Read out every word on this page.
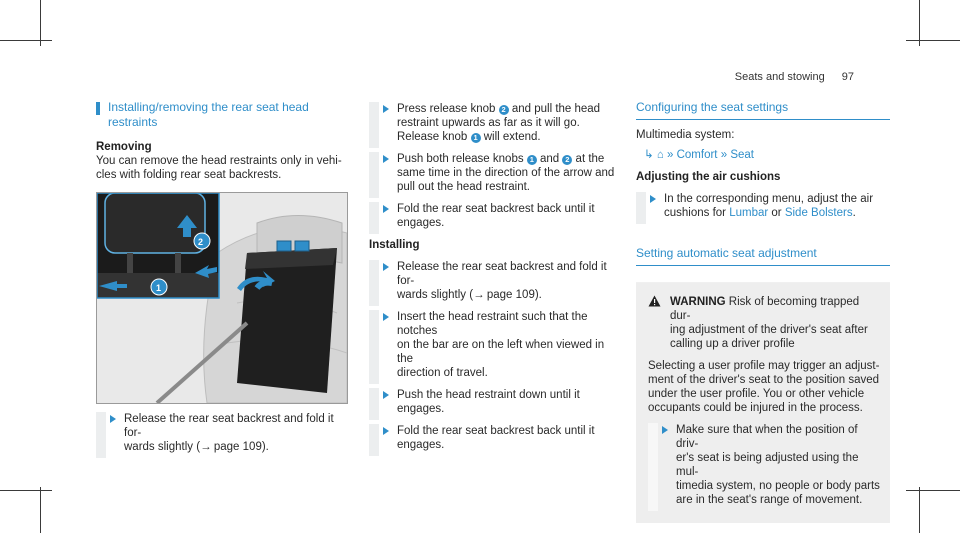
Seats and stowing 97
Installing/removing the rear seat head
restraints

Removing

You can remove the head restraints only in vehi-
cles with folding rear seat backrests.

2
1

Release the rear seat backrest and fold it for-
wards slightly (→ page 109).

Press release knob 2 and pull the head
restraint upwards as far as it will go.
Release knob 1 will extend.

Push both release knobs 1 and 2 at the
same time in the direction of the arrow and
pull out the head restraint.

Fold the rear seat backrest back until it
engages.

Installing

Release the rear seat backrest and fold it for-
wards slightly (→ page 109).

Insert the head restraint such that the notches
on the bar are on the left when viewed in the
direction of travel.

Push the head restraint down until it engages.

Fold the rear seat backrest back until it
engages.

Configuring the seat settings

Multimedia system:

↳ ⌂ » Comfort » Seat

Adjusting the air cushions

In the corresponding menu, adjust the air
cushions for Lumbar or Side Bolsters.

Setting automatic seat adjustment

WARNING Risk of becoming trapped dur-
ing adjustment of the driver's seat after
calling up a driver profile

Selecting a user profile may trigger an adjust-
ment of the driver's seat to the position saved
under the user profile. You or other vehicle
occupants could be injured in the process.

Make sure that when the position of driv-
er's seat is being adjusted using the mul-
timedia system, no people or body parts
are in the seat's range of movement.
